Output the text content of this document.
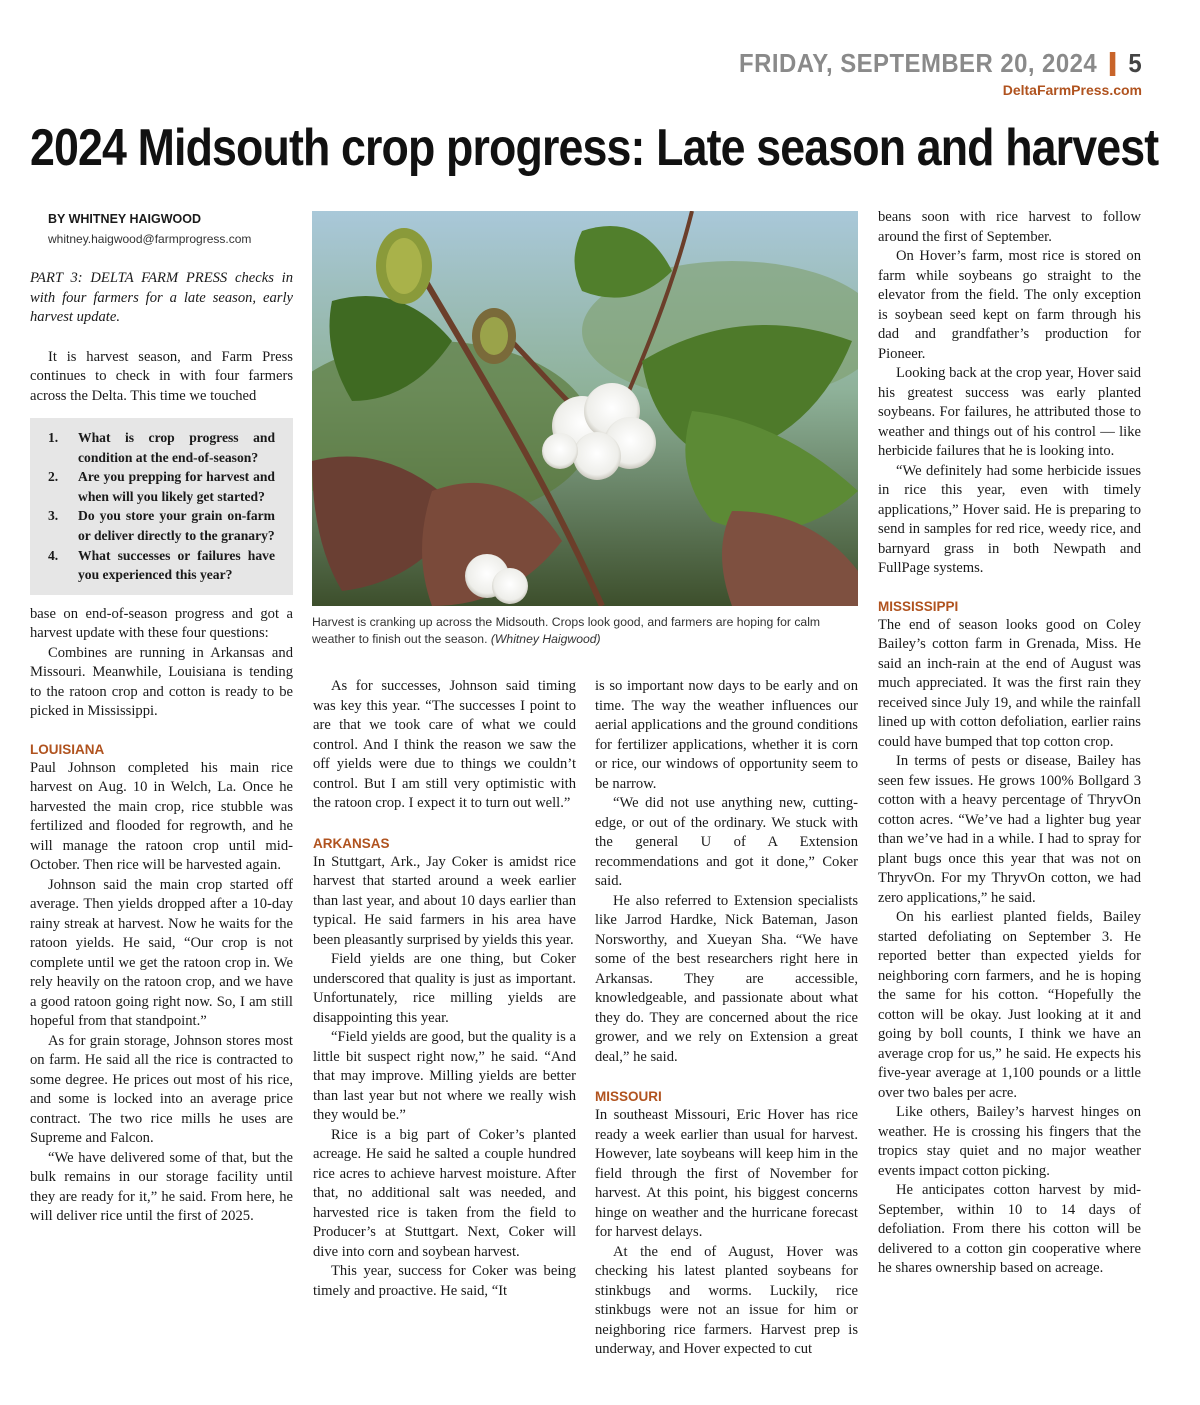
FRIDAY, SEPTEMBER 20, 2024 5
DeltaFarmPress.com
2024 Midsouth crop progress: Late season and harvest

BY WHITNEY HAIGWOOD

whitney.haigwood@farmprogress.com

PART 3: DELTA FARM PRESS checks in with four farmers for a late season, early harvest update.

It is harvest season, and Farm Press continues to check in with four farmers across the Delta. This time we touched

1.	What is crop progress and condition at the end-of-season?
2.	Are you prepping for harvest and when will you likely get started?
3.	Do you store your grain on-farm or deliver directly to the granary?
4.	What successes or failures have you experienced this year?

base on end-of-season progress and got a harvest update with these four questions:

Combines are running in Arkansas and Missouri. Meanwhile, Louisiana is tending to the ratoon crop and cotton is ready to be picked in Mississippi.

LOUISIANA

Paul Johnson completed his main rice harvest on Aug. 10 in Welch, La. Once he harvested the main crop, rice stubble was fertilized and flooded for regrowth, and he will manage the ratoon crop until mid-October. Then rice will be harvested again.

Johnson said the main crop started off average. Then yields dropped after a 10-day rainy streak at harvest. Now he waits for the ratoon yields. He said, “Our crop is not complete until we get the ratoon crop in. We rely heavily on the ratoon crop, and we have a good ratoon going right now. So, I am still hopeful from that standpoint.”

As for grain storage, Johnson stores most on farm. He said all the rice is contracted to some degree. He prices out most of his rice, and some is locked into an average price contract. The two rice mills he uses are Supreme and Falcon.

“We have delivered some of that, but the bulk remains in our storage facility until they are ready for it,” he said. From here, he will deliver rice until the first of 2025.

Harvest is cranking up across the Midsouth. Crops look good, and farmers are hoping for calm weather to finish out the season. (Whitney Haigwood)

As for successes, Johnson said timing was key this year. “The successes I point to are that we took care of what we could control. And I think the reason we saw the off yields were due to things we couldn’t control. But I am still very optimistic with the ratoon crop. I expect it to turn out well.”

ARKANSAS

In Stuttgart, Ark., Jay Coker is amidst rice harvest that started around a week earlier than last year, and about 10 days earlier than typical. He said farmers in his area have been pleasantly surprised by yields this year.

Field yields are one thing, but Coker underscored that quality is just as important. Unfortunately, rice milling yields are disappointing this year.

“Field yields are good, but the quality is a little bit suspect right now,” he said. “And that may improve. Milling yields are better than last year but not where we really wish they would be.”

Rice is a big part of Coker’s planted acreage. He said he salted a couple hundred rice acres to achieve harvest moisture. After that, no additional salt was needed, and harvested rice is taken from the field to Producer’s at Stuttgart. Next, Coker will dive into corn and soybean harvest.

This year, success for Coker was being timely and proactive. He said, “It

is so important now days to be early and on time. The way the weather influences our aerial applications and the ground conditions for fertilizer applications, whether it is corn or rice, our windows of opportunity seem to be narrow.

“We did not use anything new, cutting-edge, or out of the ordinary. We stuck with the general U of A Extension recommendations and got it done,” Coker said.

He also referred to Extension specialists like Jarrod Hardke, Nick Bateman, Jason Norsworthy, and Xueyan Sha. “We have some of the best researchers right here in Arkansas. They are accessible, knowledgeable, and passionate about what they do. They are concerned about the rice grower, and we rely on Extension a great deal,” he said.

MISSOURI

In southeast Missouri, Eric Hover has rice ready a week earlier than usual for harvest. However, late soybeans will keep him in the field through the first of November for harvest. At this point, his biggest concerns hinge on weather and the hurricane forecast for harvest delays.

At the end of August, Hover was checking his latest planted soybeans for stinkbugs and worms. Luckily, rice stinkbugs were not an issue for him or neighboring rice farmers. Harvest prep is underway, and Hover expected to cut

beans soon with rice harvest to follow around the first of September.

On Hover’s farm, most rice is stored on farm while soybeans go straight to the elevator from the field. The only exception is soybean seed kept on farm through his dad and grandfather’s production for Pioneer.

Looking back at the crop year, Hover said his greatest success was early planted soybeans. For failures, he attributed those to weather and things out of his control — like herbicide failures that he is looking into.

“We definitely had some herbicide issues in rice this year, even with timely applications,” Hover said. He is preparing to send in samples for red rice, weedy rice, and barnyard grass in both Newpath and FullPage systems.

MISSISSIPPI

The end of season looks good on Coley Bailey’s cotton farm in Grenada, Miss. He said an inch-rain at the end of August was much appreciated. It was the first rain they received since July 19, and while the rainfall lined up with cotton defoliation, earlier rains could have bumped that top cotton crop.

In terms of pests or disease, Bailey has seen few issues. He grows 100% Bollgard 3 cotton with a heavy percentage of ThryvOn cotton acres. “We’ve had a lighter bug year than we’ve had in a while. I had to spray for plant bugs once this year that was not on ThryvOn. For my ThryvOn cotton, we had zero applications,” he said.

On his earliest planted fields, Bailey started defoliating on September 3. He reported better than expected yields for neighboring corn farmers, and he is hoping the same for his cotton. “Hopefully the cotton will be okay. Just looking at it and going by boll counts, I think we have an average crop for us,” he said. He expects his five-year average at 1,100 pounds or a little over two bales per acre.

Like others, Bailey’s harvest hinges on weather. He is crossing his fingers that the tropics stay quiet and no major weather events impact cotton picking.

He anticipates cotton harvest by mid-September, within 10 to 14 days of defoliation. From there his cotton will be delivered to a cotton gin cooperative where he shares ownership based on acreage.
